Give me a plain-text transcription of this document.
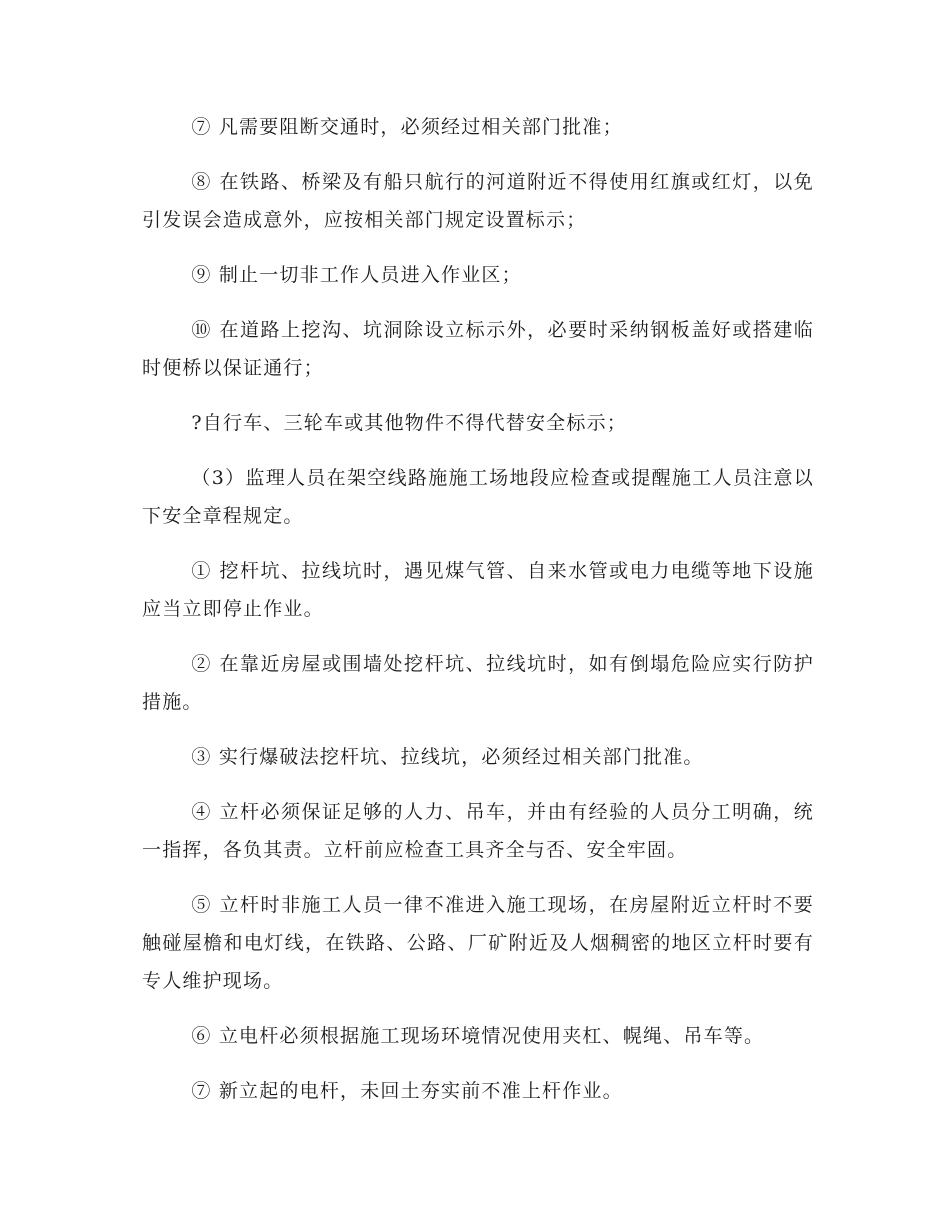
⑦ 凡需要阻断交通时，必须经过相关部门批准；

⑧ 在铁路、桥梁及有船只航行的河道附近不得使用红旗或红灯，以免引发误会造成意外，应按相关部门规定设置标示；

⑨ 制止一切非工作人员进入作业区；

⑩ 在道路上挖沟、坑洞除设立标示外，必要时采纳钢板盖好或搭建临时便桥以保证通行；

?自行车、三轮车或其他物件不得代替安全标示；

（3）监理人员在架空线路施施工场地段应检查或提醒施工人员注意以下安全章程规定。

① 挖杆坑、拉线坑时，遇见煤气管、自来水管或电力电缆等地下设施应当立即停止作业。

② 在靠近房屋或围墙处挖杆坑、拉线坑时，如有倒塌危险应实行防护措施。

③ 实行爆破法挖杆坑、拉线坑，必须经过相关部门批准。

④ 立杆必须保证足够的人力、吊车，并由有经验的人员分工明确，统一指挥，各负其责。立杆前应检查工具齐全与否、安全牢固。

⑤ 立杆时非施工人员一律不准进入施工现场，在房屋附近立杆时不要触碰屋檐和电灯线，在铁路、公路、厂矿附近及人烟稠密的地区立杆时要有专人维护现场。

⑥ 立电杆必须根据施工现场环境情况使用夹杠、幌绳、吊车等。

⑦ 新立起的电杆，未回土夯实前不准上杆作业。
